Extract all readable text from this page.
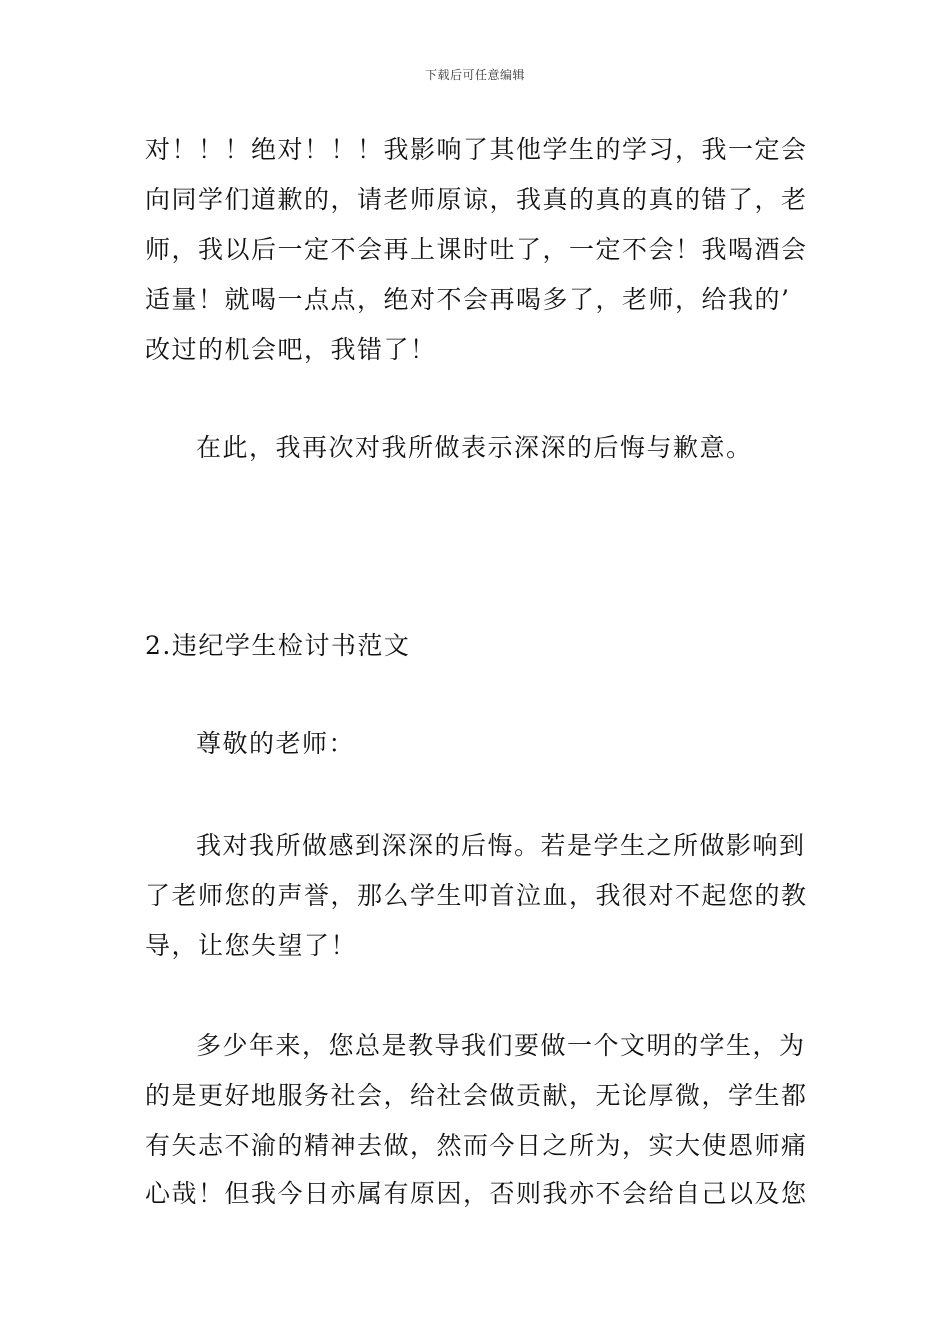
下载后可任意编辑
对！！！绝对！！！我影响了其他学生的学习，我一定会
向同学们道歉的，请老师原谅，我真的真的真的错了，老
师，我以后一定不会再上课时吐了，一定不会！我喝酒会
适量！就喝一点点，绝对不会再喝多了，老师，给我的’
改过的机会吧，我错了！
在此，我再次对我所做表示深深的后悔与歉意。
2.违纪学生检讨书范文
尊敬的老师：
我对我所做感到深深的后悔。若是学生之所做影响到
了老师您的声誉，那么学生叩首泣血，我很对不起您的教
导，让您失望了！
多少年来，您总是教导我们要做一个文明的学生，为
的是更好地服务社会，给社会做贡献，无论厚微，学生都
有矢志不渝的精神去做，然而今日之所为，实大使恩师痛
心哉！但我今日亦属有原因，否则我亦不会给自己以及您
